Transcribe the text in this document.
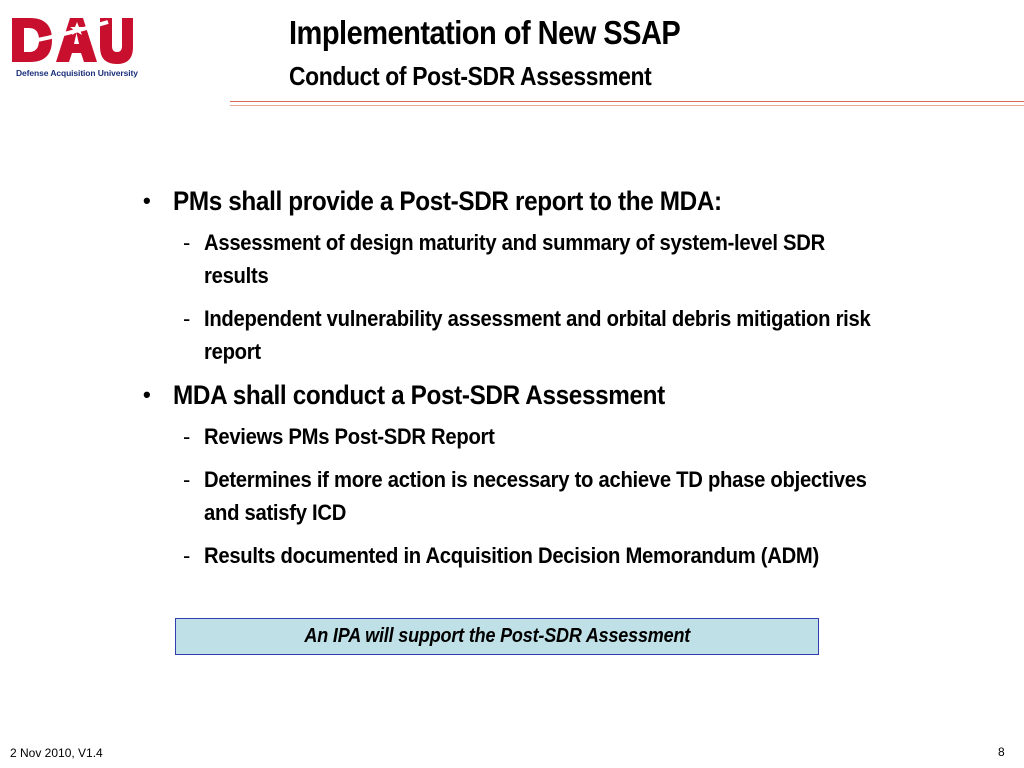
Defense Acquisition University
Implementation of New SSAP
Conduct of Post-SDR Assessment
• PMs shall provide a Post-SDR report to the MDA:
- Assessment of design maturity and summary of system-level SDR results
- Independent vulnerability assessment and orbital debris mitigation risk report
• MDA shall conduct a Post-SDR Assessment
- Reviews PMs Post-SDR Report
- Determines if more action is necessary to achieve TD phase objectives and satisfy ICD
- Results documented in Acquisition Decision Memorandum (ADM)
An IPA will support the Post-SDR Assessment
2 Nov 2010, V1.4	8
